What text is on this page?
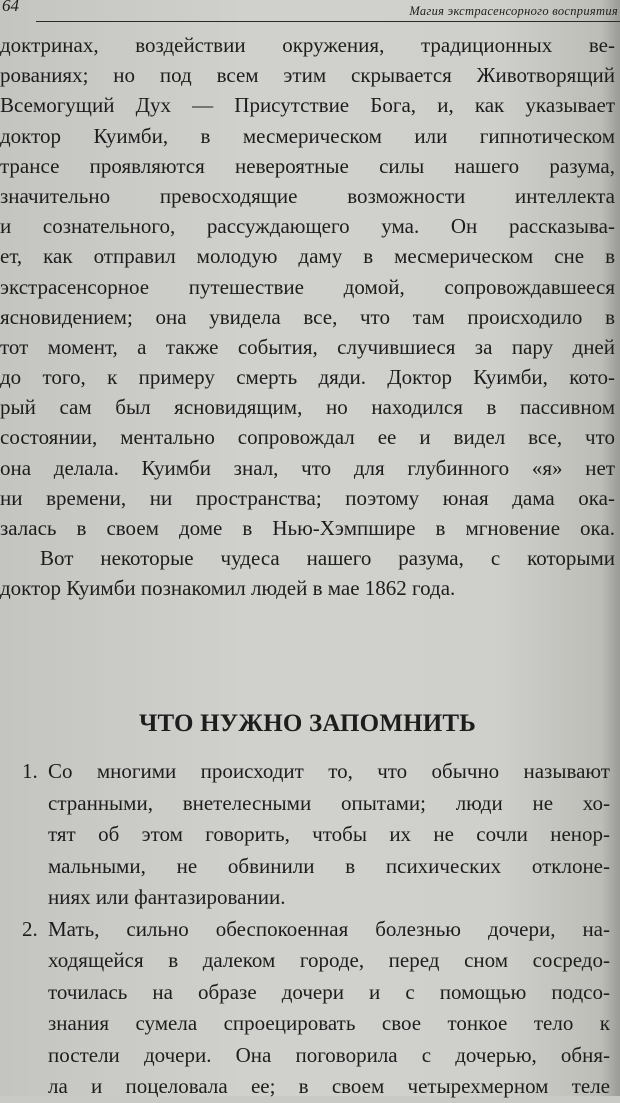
64	Магия экстрасенсорного восприятия
доктринах, воздействии окружения, традиционных ве-
рованиях; но под всем этим скрывается Животворящий
Всемогущий Дух — Присутствие Бога, и, как указывает
доктор Куимби, в месмерическом или гипнотическом
трансе проявляются невероятные силы нашего разума,
значительно превосходящие возможности интеллекта
и сознательного, рассуждающего ума. Он рассказыва-
ет, как отправил молодую даму в месмерическом сне в
экстрасенсорное путешествие домой, сопровождавшееся
ясновидением; она увидела все, что там происходило в
тот момент, а также события, случившиеся за пару дней
до того, к примеру смерть дяди. Доктор Куимби, кото-
рый сам был ясновидящим, но находился в пассивном
состоянии, ментально сопровождал ее и видел все, что
она делала. Куимби знал, что для глубинного «я» нет
ни времени, ни пространства; поэтому юная дама ока-
залась в своем доме в Нью-Хэмпшире в мгновение ока.
Вот некоторые чудеса нашего разума, с которыми
доктор Куимби познакомил людей в мае 1862 года.
ЧТО НУЖНО ЗАПОМНИТЬ
1. Со многими происходит то, что обычно называют
странными, внетелесными опытами; люди не хо-
тят об этом говорить, чтобы их не сочли ненор-
мальными, не обвинили в психических отклоне-
ниях или фантазировании.
2. Мать, сильно обеспокоенная болезнью дочери, на-
ходящейся в далеком городе, перед сном сосредо-
точилась на образе дочери и с помощью подсо-
знания сумела спроецировать свое тонкое тело к
постели дочери. Она поговорила с дочерью, обня-
ла и поцеловала ее; в своем четырехмерном теле
